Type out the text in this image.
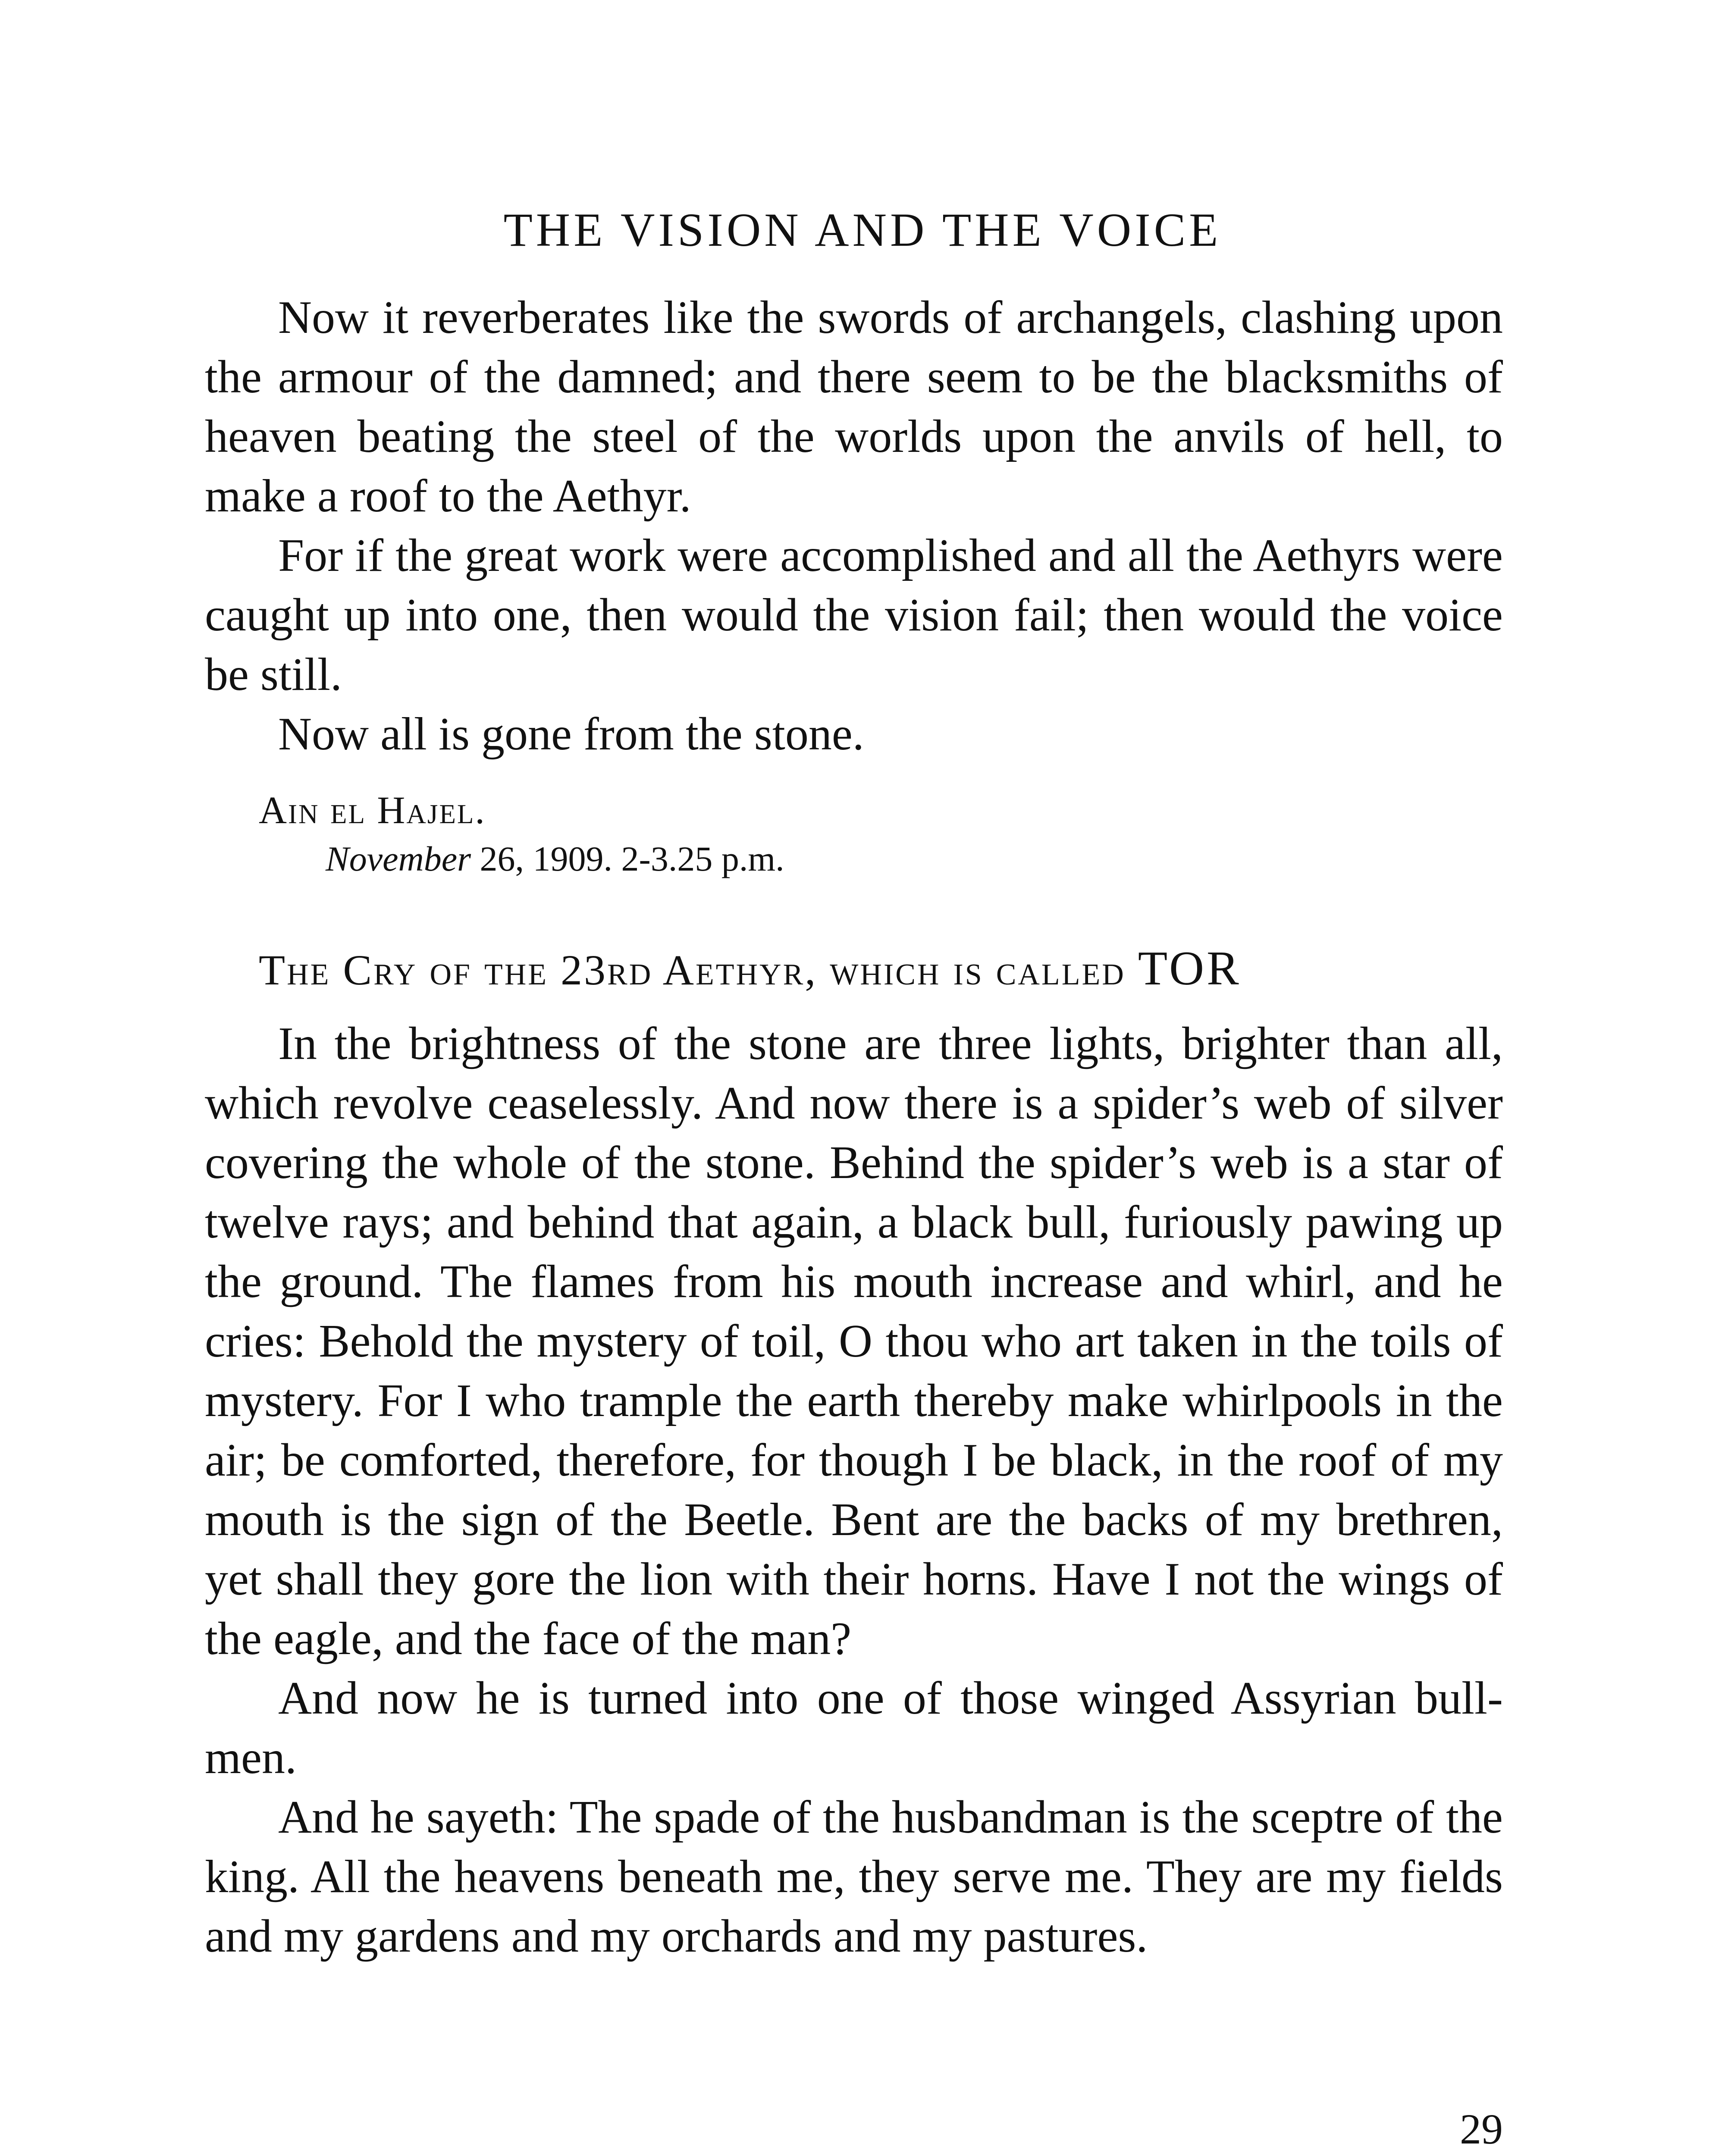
THE VISION AND THE VOICE

Now it reverberates like the swords of archangels, clashing upon the armour of the damned; and there seem to be the blacksmiths of heaven beating the steel of the worlds upon the anvils of hell, to make a roof to the Aethyr.

For if the great work were accomplished and all the Aethyrs were caught up into one, then would the vision fail; then would the voice be still.

Now all is gone from the stone.

Ain el Hajel.
November 26, 1909. 2-3.25 p.m.
The Cry of the 23rd Aethyr, which is called TOR

In the brightness of the stone are three lights, brighter than all, which revolve ceaselessly. And now there is a spider’s web of silver covering the whole of the stone. Behind the spider’s web is a star of twelve rays; and behind that again, a black bull, furiously pawing up the ground. The flames from his mouth increase and whirl, and he cries: Behold the mystery of toil, O thou who art taken in the toils of mystery. For I who trample the earth thereby make whirlpools in the air; be comforted, therefore, for though I be black, in the roof of my mouth is the sign of the Beetle. Bent are the backs of my brethren, yet shall they gore the lion with their horns. Have I not the wings of the eagle, and the face of the man?

And now he is turned into one of those winged Assyrian bull-men.

And he sayeth: The spade of the husbandman is the sceptre of the king. All the heavens beneath me, they serve me. They are my fields and my gardens and my orchards and my pastures.

29
